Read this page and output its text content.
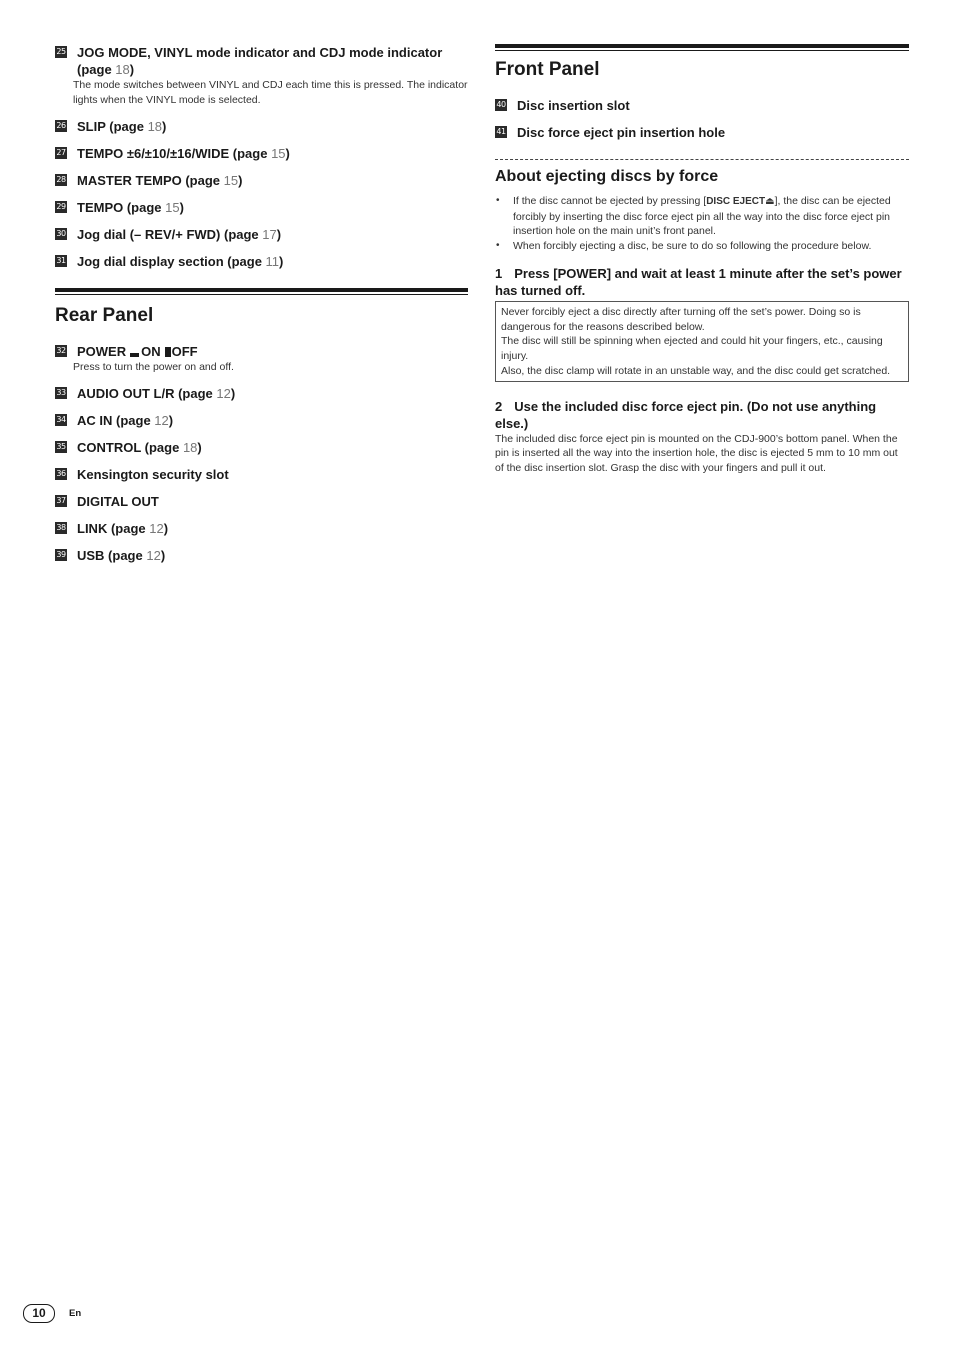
25 JOG MODE, VINYL mode indicator and CDJ mode indicator (page 18)

The mode switches between VINYL and CDJ each time this is pressed. The indicator lights when the VINYL mode is selected.

26 SLIP (page 18)
27 TEMPO ±6/±10/±16/WIDE (page 15)
28 MASTER TEMPO (page 15)
29 TEMPO (page 15)
30 Jog dial (– REV/+ FWD) (page 17)
31 Jog dial display section (page 11)
Rear Panel
32 POWER ON OFF

Press to turn the power on and off.

33 AUDIO OUT L/R (page 12)
34 AC IN (page 12)
35 CONTROL (page 18)
36 Kensington security slot
37 DIGITAL OUT
38 LINK (page 12)
39 USB (page 12)
Front Panel
40 Disc insertion slot
41 Disc force eject pin insertion hole
About ejecting discs by force
• If the disc cannot be ejected by pressing [DISC EJECT⏏], the disc can be ejected forcibly by inserting the disc force eject pin all the way into the disc force eject pin insertion hole on the main unit’s front panel.
• When forcibly ejecting a disc, be sure to do so following the procedure below.
1 Press [POWER] and wait at least 1 minute after the set’s power has turned off.
Never forcibly eject a disc directly after turning off the set’s power. Doing so is dangerous for the reasons described below.
The disc will still be spinning when ejected and could hit your fingers, etc., causing injury.
Also, the disc clamp will rotate in an unstable way, and the disc could get scratched.
2 Use the included disc force eject pin. (Do not use anything else.)

The included disc force eject pin is mounted on the CDJ-900’s bottom panel. When the pin is inserted all the way into the insertion hole, the disc is ejected 5 mm to 10 mm out of the disc insertion slot. Grasp the disc with your fingers and pull it out.

10	En
